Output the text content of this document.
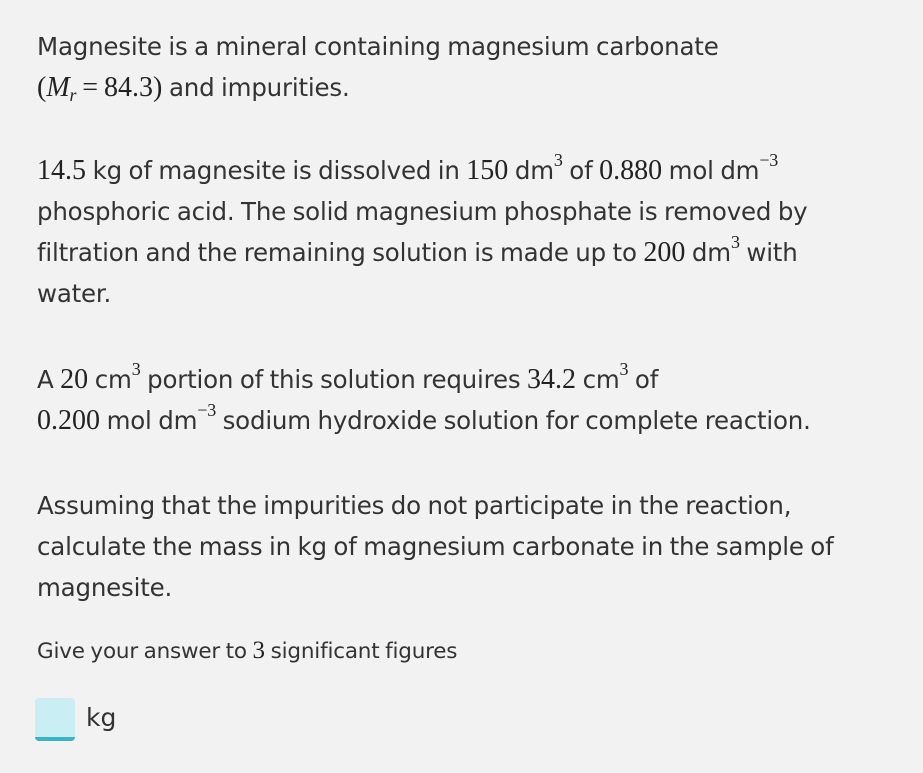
Magnesite is a mineral containing magnesium carbonate
$(M_r = 84.3)$ and impurities.

14.5 kg of magnesite is dissolved in 150 $dm^3$ of 0.880 mol $dm^{-3}$
phosphoric acid. The solid magnesium phosphate is removed by
filtration and the remaining solution is made up to 200 $dm^3$ with
water.

A 20 $cm^3$ portion of this solution requires 34.2 $cm^3$ of
0.200 mol $dm^{-3}$ sodium hydroxide solution for complete reaction.

Assuming that the impurities do not participate in the reaction,
calculate the mass in kg of magnesium carbonate in the sample of
magnesite.

Give your answer to 3 significant figures

kg
